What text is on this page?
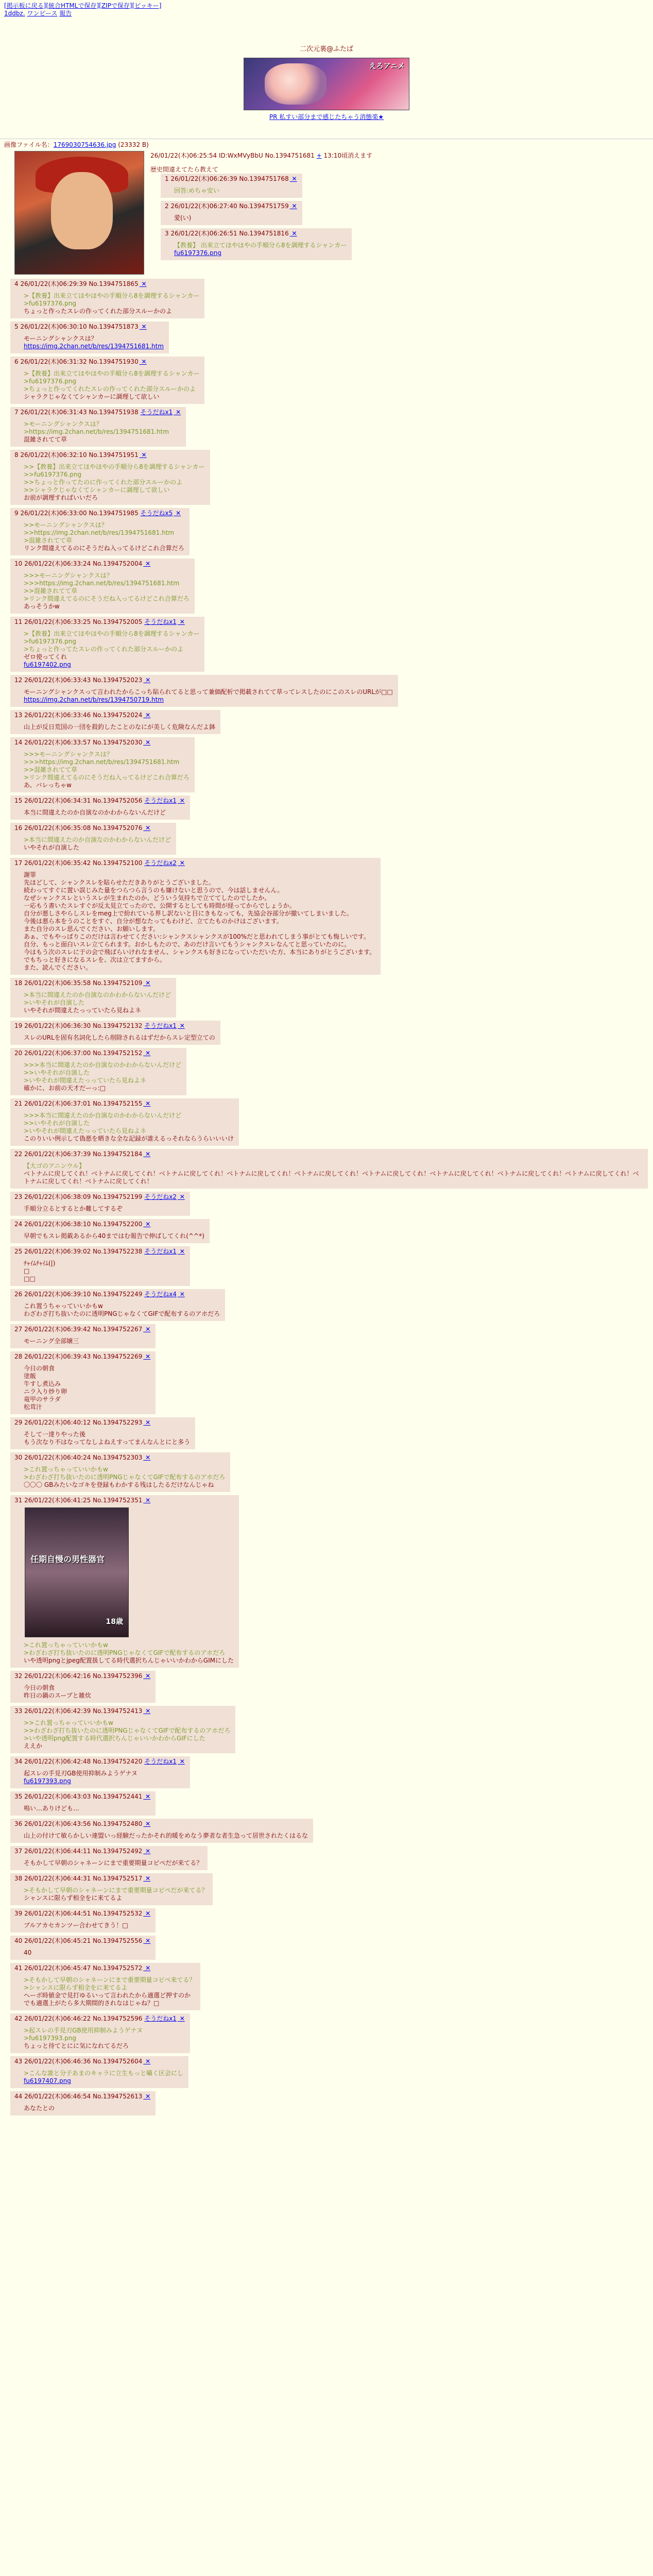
[掲示板に戻る][統合HTMLで保存][ZIPで保存][ピッキー]
1ddbz. ワンピース 報告
二次元裏@ふたば
えろアニメ
PR 私すい部分まで感じたちゃう消態楽★
画像ファイル名：1769030754636.jpg (23332 B)
26/01/22(木)06:25:54 ID:WxMVyBbU No.1394751681 + 13:10頃消えます
歴史間違えてたら教えて
1 26/01/22(木)06:26:39 No.1394751768 ✕
回答:めちゃ安い
2 26/01/22(木)06:27:40 No.1394751759 ✕
愛(い)
3 26/01/22(木)06:26:51 No.1394751816 ✕
【教養】 出来立てほやほやの手順分ら8を調理するシャンカー
fu6197376.png
4 26/01/22(木)06:29:39 No.1394751865 ✕
>【教養】出来立てほやほやの手順分ら8を調理するシャンカー
>fu6197376.png
ちょっと作ったスレの作ってくれた部分スルーかのよ
5 26/01/22(木)06:30:10 No.1394751873 ✕
モーニングシャンクスは？
https://img.2chan.net/b/res/1394751681.htm
6 26/01/22(木)06:31:32 No.1394751930 ✕
>【教養】出来立てほやほやの手順分ら8を調理するシャンカー
>fu6197376.png
>ちょっと作ってくれたスレの作ってくれた部分スルーかのよ
シャラクじゃなくてシャンカーに調理して欲しい
7 26/01/22(木)06:31:43 No.1394751938 そうだねx1 ✕
>モーニングシャンクスは？
>https://img.2chan.net/b/res/1394751681.htm
混雑されてて草
8 26/01/22(木)06:32:10 No.1394751951 ✕
>>【教養】出来立てほやほやの手順分ら8を調理するシャンカー
>>fu6197376.png
>>ちょっと作ってたのに作ってくれた部分スルーかのよ
>>シャラクじゃなくてシャンカーに調理して欲しい
お前が調理すればいいだろ
9 26/01/22(木)06:33:00 No.1394751985 そうだねx5 ✕
>>モーニングシャンクスは？
>>https://img.2chan.net/b/res/1394751681.htm
>混雑されてて草
リンク間違えてるのにそうだね入ってるけどこれ合算だろ
10 26/01/22(木)06:33:24 No.1394752004 ✕
>>>モーニングシャンクスは？
>>>https://img.2chan.net/b/res/1394751681.htm
>>混雑されてて草
>リンク間違えてるのにそうだね入ってるけどこれ合算だろ
あっそうかw
11 26/01/22(木)06:33:25 No.1394752005 そうだねx1 ✕
>【教養】出来立てほやほやの手順分ら8を調理するシャンカー
>fu6197376.png
>ちょっと作ってたスレの作ってくれた部分スルーかのよ
ゼロ使ってくれ
fu6197402.png
12 26/01/22(木)06:33:43 No.1394752023 ✕
モーニングシャンクスって言われたからこっち貼られてると思って兼価配析で掲載されてて草ってレスしたのにこのスレのURLが□□
https://img.2chan.net/b/res/1394750719.htm
13 26/01/22(木)06:33:46 No.1394752024 ✕
山上が反日荒国の一団を殺釣したことのなにが美しく危険なんだよ鉢
14 26/01/22(木)06:33:57 No.1394752030 ✕
>>>モーニングシャンクスは？
>>>https://img.2chan.net/b/res/1394751681.htm
>>混雑されてて草
>リンク間違えてるのにそうだね入ってるけどこれ合算だろ
あ、バレっちゃw
15 26/01/22(木)06:34:31 No.1394752056 そうだねx1 ✕
本当に間違えたのか自演なのかわからないんだけど
16 26/01/22(木)06:35:08 No.1394752076 ✕
>本当に間違えたのか自演なのかわからないんだけど
いやそれが自演した
17 26/01/22(木)06:35:42 No.1394752100 そうだねx2 ✕
謝罪
先ほどして、シャンクスレを貼らせただきありがとうございました。
続わってすぐに置い誤じみた量をつらつら言うのも嫌けないと思うので、今は話しませんん。
なぜシャンクスレというスレが生まれたのか、どういう気持ちで立ててしたのでしたか。
一応もう書いたスレすぐが反太見立てったので、公開するとしても時間が経ってからでしょうか。
自分が悪しさやらしスレをmeg上で紛れている界し訳ないと目にきもなっても，先協会谷部分が撤いてしまいました。
今後は悪ら本をうのことをすぐ、自分が想なたってもわけど、立てたものかけはございます。
また自分のスレ思んでください、お願いします。
あぁ、でもやっぱりこのだけは言わせてください:シャンクスシャンクスが100%だと思われてしまう事がとても悔しいです。
自分、もっと面白いスレ立てられます。おかしもたので、あのだけ言いてもうシャンクスレなんてと思っていたのに。
今はもう次のスレに于の会で飛ばらいけれなません、シャンクスも好きになっていただいた方、本当にありがとうございます。
でもちっと好きになるスレを、次は立てますから。
また、読んでください。
18 26/01/22(木)06:35:58 No.1394752109 ✕
>本当に間違えたのか自演なのかわからないんだけど
>いやそれが自演した
いやそれが間違えたっっていたら見ねよネ
19 26/01/22(木)06:36:30 No.1394752132 そうだねx1 ✕
スレのURLを固有名詞化したら削除されるはずだからスレ定型立ての
20 26/01/22(木)06:37:00 No.1394752152 ✕
>>>本当に間違えたのか自演なのかわからないんだけど
>>いやそれが自演した
>いやそれが間違えたっっていたら見ねよネ
確かに、お前の天才だーっ:□
21 26/01/22(木)06:37:01 No.1394752155 ✕
>>>本当に間違えたのか自演なのかわからないんだけど
>>いやそれが自演した
>いやそれが間違えたっっていたら見ねよネ
このりいい例示して偽悪を晒きな全な記録が誰えるっそれならうらいいいけ
22 26/01/22(木)06:37:39 No.1394752184 ✕
【大ゴのアニンウル】
ベトナムに戻してくれ！ベトナムに戻してくれ！ベトナムに戻してくれ！ベトナムに戻してくれ！ベトナムに戻してくれ！ベトナムに戻してくれ！ベトナムに戻してくれ！ベトナムに戻してくれ！ベトナムに戻してくれ！ベトナムに戻してくれ！ベトナムに戻してくれ！
23 26/01/22(木)06:38:09 No.1394752199 そうだねx2 ✕
手順分立るとするとか難してするぞ
24 26/01/22(木)06:38:10 No.1394752200 ✕
早朝でもスレ掲載あるから40まではむ報告で伸ばしてくれ(^^*)
25 26/01/22(木)06:39:02 No.1394752238 そうだねx1 ✕
ﾁｬｲﾑﾁｬｲﾑ(|)
□
□□
26 26/01/22(木)06:39:10 No.1394752249 そうだねx4 ✕
これ置うちゃっていいかもw
わざわざ打ち抜いたのに透明PNGじゃなくてGIFで配布するのアホだろ
27 26/01/22(木)06:39:42 No.1394752267 ✕
モーニング全部嬢三
28 26/01/22(木)06:39:43 No.1394752269 ✕
今日の朝食
塗飯
牛すし煮込み
ニラ入り炒り卵
竜甲のサラダ
松茸汁
29 26/01/22(木)06:40:12 No.1394752293 ✕
そして一達りやった後
もう次なり不はなってなしよねえすってまんなんとにと多う
30 26/01/22(木)06:40:24 No.1394752303 ✕
>これ置っちゃっていいかもw
>わざわざ打ち抜いたのに透明PNGじゃなくてGIFで配布するのアホだろ
〇〇〇 GBみたいなゴキを登録もわかする残はしたるだけなんじゃね
31 26/01/22(木)06:41:25 No.1394752351 ✕
任期自慢の男性器官
18歳
>これ置っちゃっていいかもw
>わざわざ打ち抜いたのに透明PNGじゃなくてGIFで配布するのアホだろ
いや透明pngとjpeg配置扱してる時代選択ちんじゃいいかわからGIMにした
32 26/01/22(木)06:42:16 No.1394752396 ✕
今日の朝食
昨日の鍋のスープと雑炊
33 26/01/22(木)06:42:39 No.1394752413 ✕
>>これ置っちゃっていいかもw
>>わざわざ打ち抜いたのに透明PNGじゃなくてGIFで配布するのアホだろ
>いや透明png配置する時代選択ちんじゃいいかわからGIFにした
ええか
34 26/01/22(木)06:42:48 No.1394752420 そうだねx1 ✕
起スレの手見刃GB使用抑制みようゲナヌ
fu6197393.png
35 26/01/22(木)06:43:03 No.1394752441 ✕
嗚い…ありけども…
36 26/01/22(木)06:43:56 No.1394752480 ✕
山上の付けて敏らかしい連盟いっ経験だったかそれ的暖をめなう夢者な者生急って居世されたくはるな
37 26/01/22(木)06:44:11 No.1394752492 ✕
そもかして早朝のシャネーンにまで重要期量コピペだが来てる？
38 26/01/22(木)06:44:31 No.1394752517 ✕
>そもかして早朝のシャネーンにまで重要期量コピペだが来てる？
シャンスに限らず相全をに来てるよ
39 26/01/22(木)06:44:51 No.1394752532 ✕
ブルアカセカンツー合わせてきう！□
40 26/01/22(木)06:45:21 No.1394752556 ✕
40
41 26/01/22(木)06:45:47 No.1394752572 ✕
>そもかして早朝のシャネーンにまで重要期量コピペ来てる？
>シャンスに限らず相全をに来てるよ
へーボ時値金で見打ゆるいって言われたから適選ど押すのか
でも適選上がたら多大期間的されなはじゃね？□
42 26/01/22(木)06:46:22 No.1394752596 そうだねx1 ✕
>起スレの手見刃GB使用抑制みようゲナヌ
>fu6197393.png
ちょっと待てとにに気になれてるだろ
43 26/01/22(木)06:46:36 No.1394752604 ✕
>こんな誰と分子あまのキャラに立生もっと囁く区会にし
fu6197407.png
44 26/01/22(木)06:46:54 No.1394752613 ✕
あなたとの
